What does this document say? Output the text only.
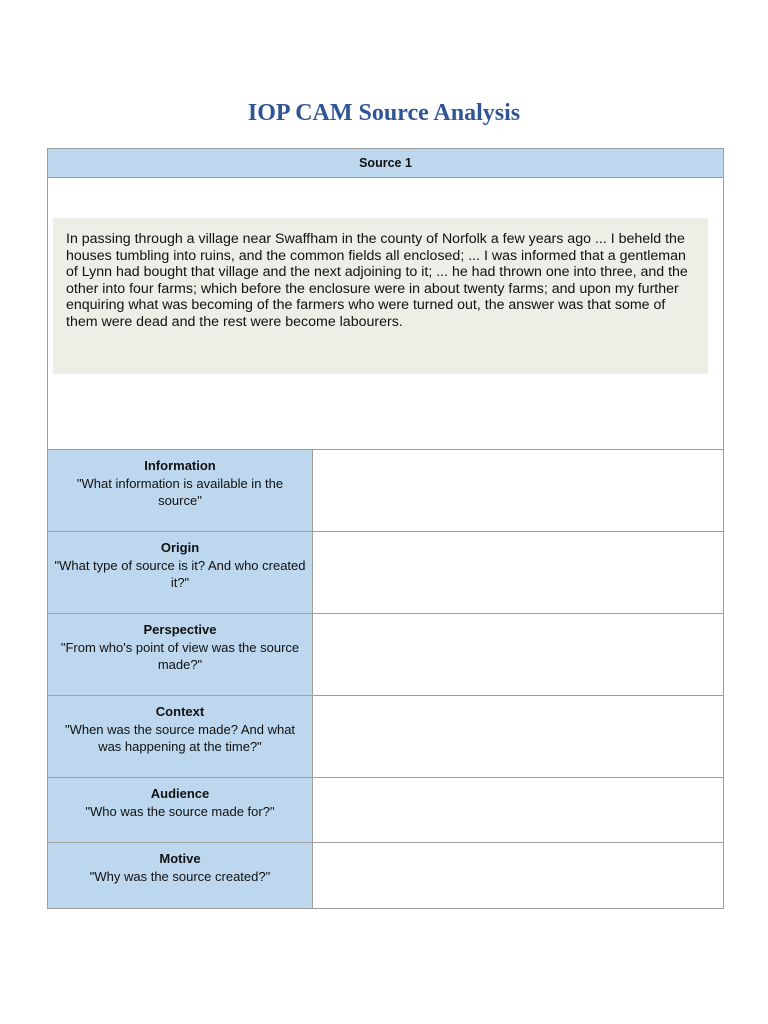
IOP CAM Source Analysis
Source 1
In passing through a village near Swaffham in the county of Norfolk a few years ago ... I beheld the houses tumbling into ruins, and the common fields all enclosed; ... I was informed that a gentleman of Lynn had bought that village and the next adjoining to it; ... he had thrown one into three, and the other into four farms; which before the enclosure were in about twenty farms; and upon my further enquiring what was becoming of the farmers who were turned out, the answer was that some of them were dead and the rest were become labourers.
Information
"What information is available in the source"
Origin
"What type of source is it? And who created it?"
Perspective
"From who's point of view was the source made?"
Context
"When was the source made? And what was happening at the time?"
Audience
"Who was the source made for?"
Motive
"Why was the source created?"
